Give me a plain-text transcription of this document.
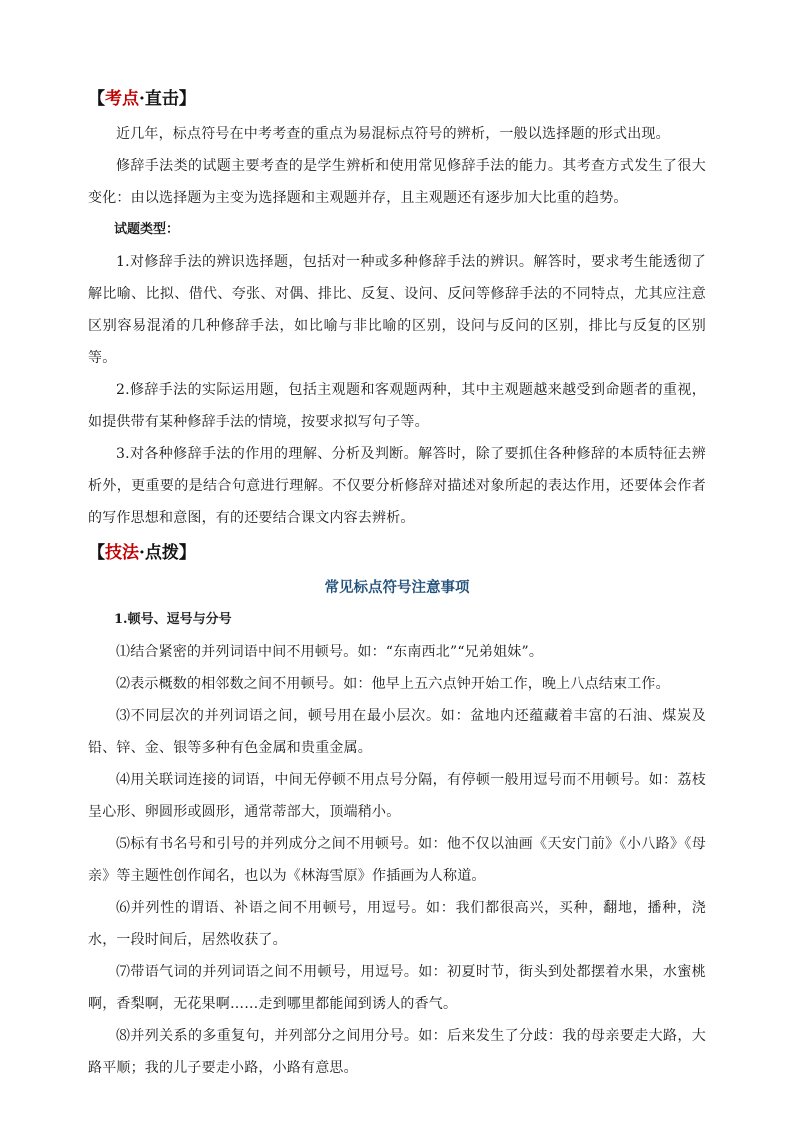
【考点·直击】

近几年，标点符号在中考考查的重点为易混标点符号的辨析，一般以选择题的形式出现。

修辞手法类的试题主要考查的是学生辨析和使用常见修辞手法的能力。其考查方式发生了很大变化：由以选择题为主变为选择题和主观题并存，且主观题还有逐步加大比重的趋势。

试题类型：

1.对修辞手法的辨识选择题，包括对一种或多种修辞手法的辨识。解答时，要求考生能透彻了解比喻、比拟、借代、夸张、对偶、排比、反复、设问、反问等修辞手法的不同特点，尤其应注意区别容易混淆的几种修辞手法，如比喻与非比喻的区别，设问与反问的区别，排比与反复的区别等。

2.修辞手法的实际运用题，包括主观题和客观题两种，其中主观题越来越受到命题者的重视，如提供带有某种修辞手法的情境，按要求拟写句子等。

3.对各种修辞手法的作用的理解、分析及判断。解答时，除了要抓住各种修辞的本质特征去辨析外，更重要的是结合句意进行理解。不仅要分析修辞对描述对象所起的表达作用，还要体会作者的写作思想和意图，有的还要结合课文内容去辨析。

【技法·点拨】

常见标点符号注意事项

1.顿号、逗号与分号

⑴结合紧密的并列词语中间不用顿号。如：“东南西北”“兄弟姐妹”。

⑵表示概数的相邻数之间不用顿号。如：他早上五六点钟开始工作，晚上八点结束工作。

⑶不同层次的并列词语之间，顿号用在最小层次。如：盆地内还蕴藏着丰富的石油、煤炭及铅、锌、金、银等多种有色金属和贵重金属。

⑷用关联词连接的词语，中间无停顿不用点号分隔，有停顿一般用逗号而不用顿号。如：荔枝呈心形、卵圆形或圆形，通常蒂部大，顶端稍小。

⑸标有书名号和引号的并列成分之间不用顿号。如：他不仅以油画《天安门前》《小八路》《母亲》等主题性创作闻名，也以为《林海雪原》作插画为人称道。

⑹并列性的谓语、补语之间不用顿号，用逗号。如：我们都很高兴，买种，翻地，播种，浇水，一段时间后，居然收获了。

⑺带语气词的并列词语之间不用顿号，用逗号。如：初夏时节，街头到处都摆着水果，水蜜桃啊，香梨啊，无花果啊……走到哪里都能闻到诱人的香气。

⑻并列关系的多重复句，并列部分之间用分号。如：后来发生了分歧：我的母亲要走大路，大路平顺；我的儿子要走小路，小路有意思。
